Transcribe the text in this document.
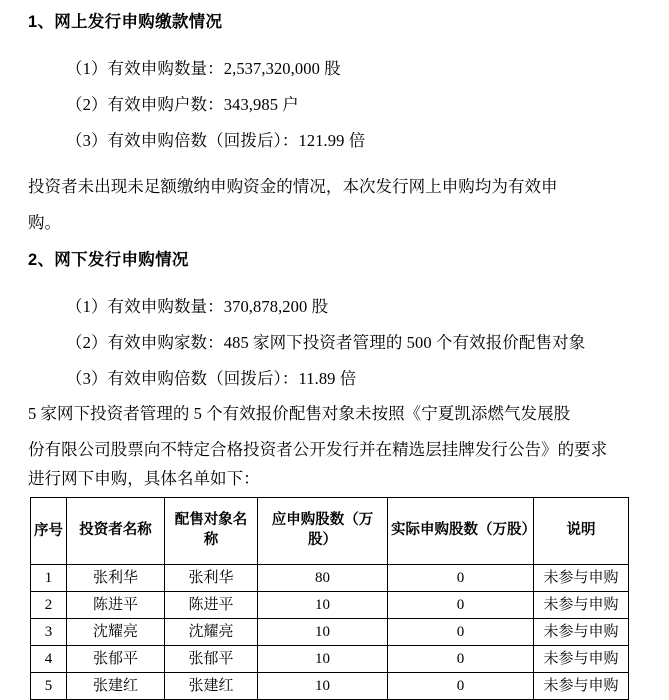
1、网上发行申购缴款情况
（1）有效申购数量：2,537,320,000 股
（2）有效申购户数：343,985 户
（3）有效申购倍数（回拨后）：121.99 倍
投资者未出现未足额缴纳申购资金的情况，本次发行网上申购均为有效申
购。
2、网下发行申购情况
（1）有效申购数量：370,878,200 股
（2）有效申购家数：485 家网下投资者管理的 500 个有效报价配售对象
（3）有效申购倍数（回拨后）：11.89 倍
5 家网下投资者管理的 5 个有效报价配售对象未按照《宁夏凯添燃气发展股
份有限公司股票向不特定合格投资者公开发行并在精选层挂牌发行公告》的要求
进行网下申购，具体名单如下：
序号	投资者名称	配售对象名称	应申购股数（万股）	实际申购股数（万股）	说明
1	张利华	张利华	80	0	未参与申购
2	陈进平	陈进平	10	0	未参与申购
3	沈耀亮	沈耀亮	10	0	未参与申购
4	张郁平	张郁平	10	0	未参与申购
5	张建红	张建红	10	0	未参与申购
